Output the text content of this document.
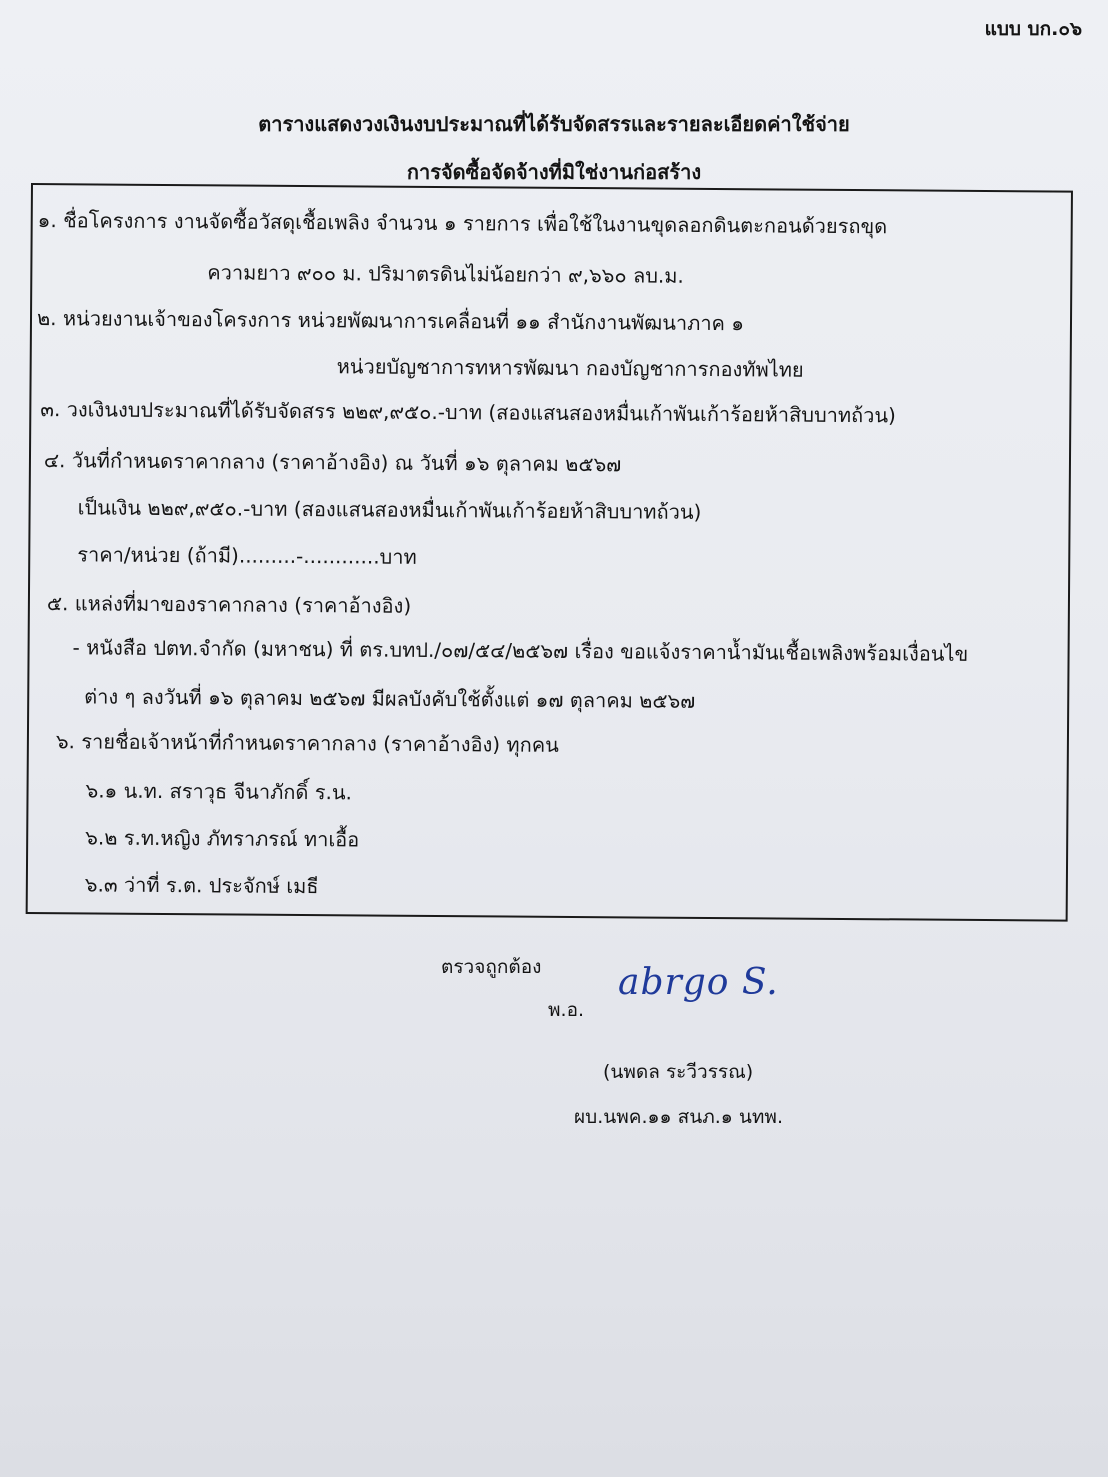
แบบ บก.๐๖
ตารางแสดงวงเงินงบประมาณที่ได้รับจัดสรรและรายละเอียดค่าใช้จ่าย
การจัดซื้อจัดจ้างที่มิใช่งานก่อสร้าง
๑. ชื่อโครงการ งานจัดซื้อวัสดุเชื้อเพลิง จำนวน ๑ รายการ เพื่อใช้ในงานขุดลอกดินตะกอนด้วยรถขุด
ความยาว ๙๐๐ ม. ปริมาตรดินไม่น้อยกว่า ๙,๖๖๐ ลบ.ม.
๒. หน่วยงานเจ้าของโครงการ หน่วยพัฒนาการเคลื่อนที่ ๑๑ สำนักงานพัฒนาภาค ๑
หน่วยบัญชาการทหารพัฒนา กองบัญชาการกองทัพไทย
๓. วงเงินงบประมาณที่ได้รับจัดสรร ๒๒๙,๙๕๐.-บาท (สองแสนสองหมื่นเก้าพันเก้าร้อยห้าสิบบาทถ้วน)
๔. วันที่กำหนดราคากลาง (ราคาอ้างอิง) ณ วันที่ ๑๖ ตุลาคม ๒๕๖๗
เป็นเงิน ๒๒๙,๙๕๐.-บาท (สองแสนสองหมื่นเก้าพันเก้าร้อยห้าสิบบาทถ้วน)
ราคา/หน่วย (ถ้ามี).........-............บาท
๕. แหล่งที่มาของราคากลาง (ราคาอ้างอิง)
- หนังสือ ปตท.จำกัด (มหาชน) ที่ ตร.บทป./๐๗/๕๔/๒๕๖๗ เรื่อง ขอแจ้งราคาน้ำมันเชื้อเพลิงพร้อมเงื่อนไข
ต่าง ๆ ลงวันที่ ๑๖ ตุลาคม ๒๕๖๗ มีผลบังคับใช้ตั้งแต่ ๑๗ ตุลาคม ๒๕๖๗
๖. รายชื่อเจ้าหน้าที่กำหนดราคากลาง (ราคาอ้างอิง) ทุกคน
๖.๑ น.ท. สราวุธ จีนาภักดิ์ ร.น.
๖.๒ ร.ท.หญิง ภัทราภรณ์ ทาเอื้อ
๖.๓ ว่าที่ ร.ต. ประจักษ์ เมธี
ตรวจถูกต้อง
พ.อ.
(นพดล ระวีวรรณ)
ผบ.นพค.๑๑ สนภ.๑ นทพ.
abrgo S.
